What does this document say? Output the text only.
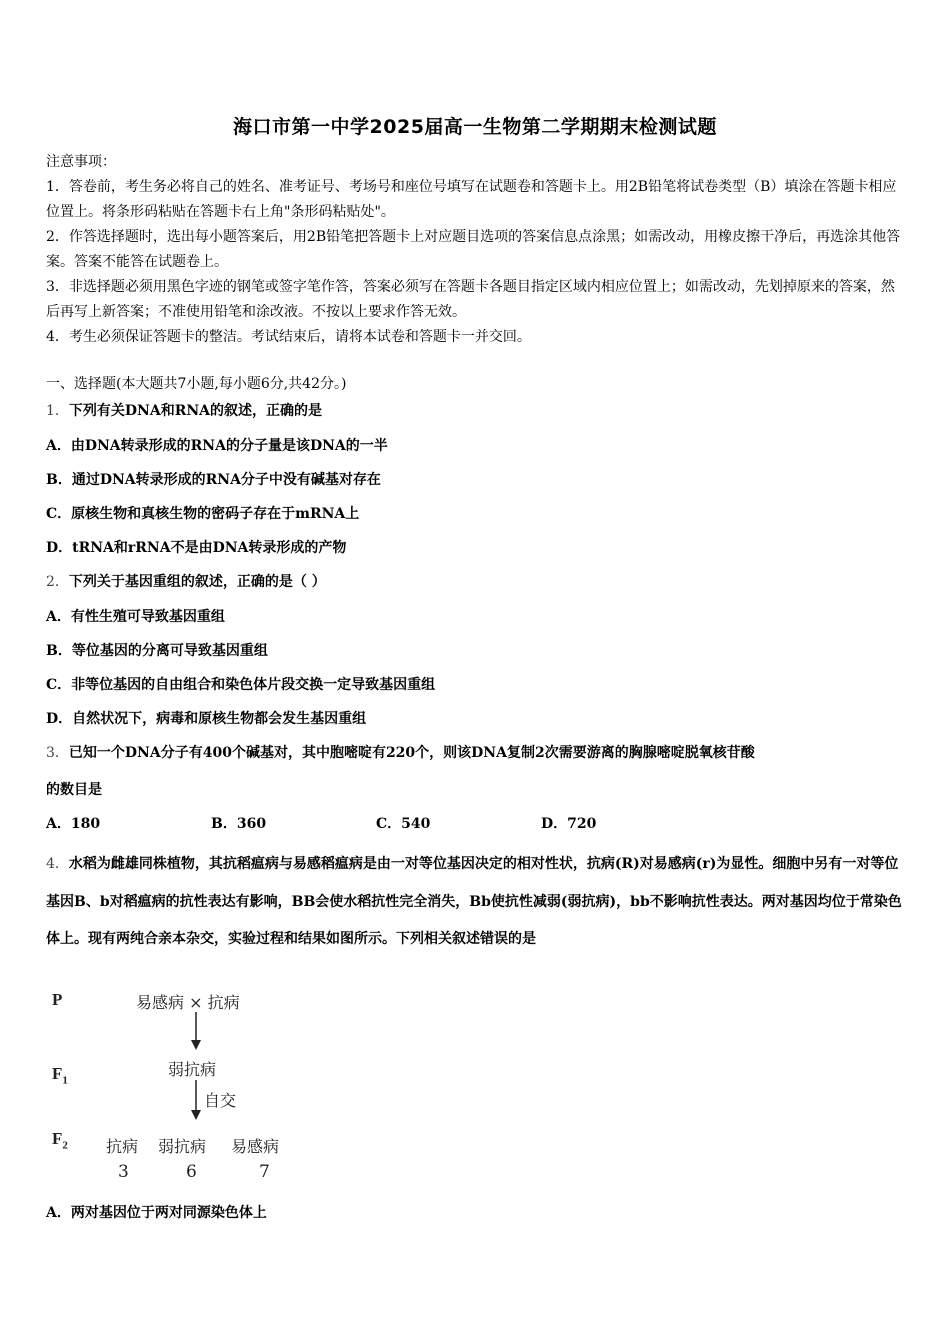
海口市第一中学2025届高一生物第二学期期末检测试题

注意事项：

1．答卷前，考生务必将自己的姓名、准考证号、考场号和座位号填写在试题卷和答题卡上。用2B铅笔将试卷类型（B）填涂在答题卡相应位置上。将条形码粘贴在答题卡右上角"条形码粘贴处"。

2．作答选择题时，选出每小题答案后，用2B铅笔把答题卡上对应题目选项的答案信息点涂黑；如需改动，用橡皮擦干净后，再选涂其他答案。答案不能答在试题卷上。

3．非选择题必须用黑色字迹的钢笔或签字笔作答，答案必须写在答题卡各题目指定区域内相应位置上；如需改动，先划掉原来的答案，然后再写上新答案；不准使用铅笔和涂改液。不按以上要求作答无效。

4．考生必须保证答题卡的整洁。考试结束后，请将本试卷和答题卡一并交回。

一、选择题(本大题共7小题,每小题6分,共42分。)
1．下列有关DNA和RNA的叙述，正确的是
A．由DNA转录形成的RNA的分子量是该DNA的一半
B．通过DNA转录形成的RNA分子中没有碱基对存在
C．原核生物和真核生物的密码子存在于mRNA上
D．tRNA和rRNA不是由DNA转录形成的产物
2．下列关于基因重组的叙述，正确的是（ ）
A．有性生殖可导致基因重组
B．等位基因的分离可导致基因重组
C．非等位基因的自由组合和染色体片段交换一定导致基因重组
D．自然状况下，病毒和原核生物都会发生基因重组
3．已知一个DNA分子有400个碱基对，其中胞嘧啶有220个，则该DNA复制2次需要游离的胸腺嘧啶脱氧核苷酸
的数目是
A．180	B．360	C．540	D．720
4．水稻为雌雄同株植物，其抗稻瘟病与易感稻瘟病是由一对等位基因决定的相对性状，抗病(R)对易感病(r)为显性。细胞中另有一对等位基因B、b对稻瘟病的抗性表达有影响，BB会使水稻抗性完全消失，Bb使抗性减弱(弱抗病)，bb不影响抗性表达。两对基因均位于常染色体上。现有两纯合亲本杂交，实验过程和结果如图所示。下列相关叙述错误的是
P
$F_1$
$F_2$
易感病 × 抗病
弱抗病
自交
抗病 弱抗病 易感病
3	6	7
A．两对基因位于两对同源染色体上
